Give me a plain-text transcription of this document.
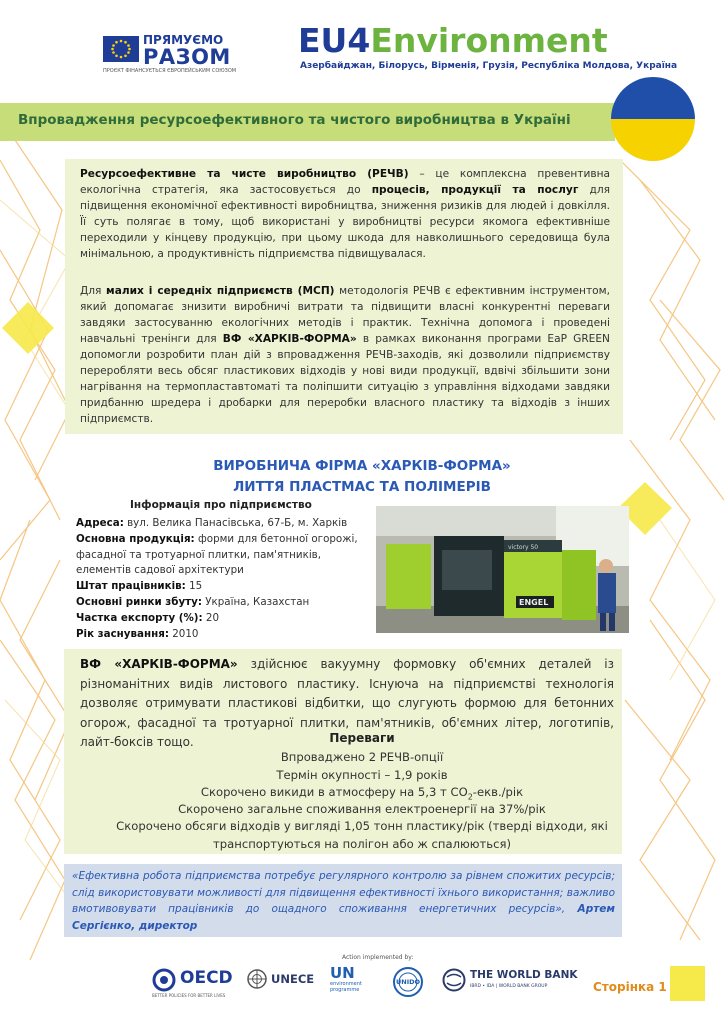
ПРЯМУЄМО
РАЗОМ
ПРОЄКТ ФІНАНСУЄТЬСЯ ЄВРОПЕЙСЬКИМ СОЮЗОМ
EU4Environment
Азербайджан, Білорусь, Вірменія, Грузія, Республіка Молдова, Україна
Впровадження ресурсоефективного та чистого виробництва в Україні
Ресурсоефективне та чисте виробництво (РЕЧВ) – це комплексна превентивна екологічна стратегія, яка застосовується до процесів, продукції та послуг для підвищення економічної ефективності виробництва, зниження ризиків для людей і довкілля. Її суть полягає в тому, щоб використані у виробництві ресурси якомога ефективніше переходили у кінцеву продукцію, при цьому шкода для навколишнього середовища була мінімальною, а продуктивність підприємства підвищувалася.
Для малих і середніх підприємств (МСП) методологія РЕЧВ є ефективним інструментом, який допомагає знизити виробничі витрати та підвищити власні конкурентні переваги завдяки застосуванню екологічних методів і практик. Технічна допомога і проведені навчальні тренінги для ВФ «ХАРКІВ-ФОРМА» в рамках виконання програми EaP GREEN допомогли розробити план дій з впровадження РЕЧВ-заходів, які дозволили підприємству переробляти весь обсяг пластикових відходів у нові види продукції, вдвічі збільшити зони нагрівання на термопластавтоматі та поліпшити ситуацію з управління відходами завдяки придбанню шредера і дробарки для переробки власного пластику та відходів з інших підприємств.
ВИРОБНИЧА ФІРМА «ХАРКІВ-ФОРМА»
ЛИТТЯ ПЛАСТМАС ТА ПОЛІМЕРІВ
Інформація про підприємство
Адреса: вул. Велика Панасівська, 67-Б, м. Харків
Основна продукція: форми для бетонної огорожі, фасадної та тротуарної плитки, пам'ятників, елементів садової архітектури
Штат працівників: 15
Основні ринки збуту: Україна, Казахстан
Частка експорту (%): 20
Рік заснування: 2010
victory 50
ENGEL
ВФ «ХАРКІВ-ФОРМА» здійснює вакуумну формовку об'ємних деталей із різноманітних видів листового пластику. Існуюча на підприємстві технологія дозволяє отримувати пластикові відбитки, що слугують формою для бетонних огорож, фасадної та тротуарної плитки, пам'ятників, об'ємних літер, логотипів, лайт-боксів тощо.	Переваги
Впроваджено 2 РЕЧВ-опції
Термін окупності – 1,9 років
Скорочено викиди в атмосферу на 5,3 т $CO_2-екв$./рік
Скорочено загальне споживання електроенергії на 37%/рік
Скорочено обсяги відходів у вигляді 1,05 тонн пластику/рік (тверді відходи, які транспортуються на полігон або ж спалюються)
«Ефективна робота підприємства потребує регулярного контролю за рівнем спожитих ресурсів; слід використовувати можливості для підвищення ефективності їхнього використання; важливо вмотивовувати працівників до ощадного споживання енергетичних ресурсів», Артем Сергієнко, директор
Action implemented by:
OECD
BETTER POLICIES FOR BETTER LIVES
UNECE UN
environment
programme
UNIDO
THE WORLD BANK
IBRD • IDA | WORLD BANK GROUP	Сторінка 1
